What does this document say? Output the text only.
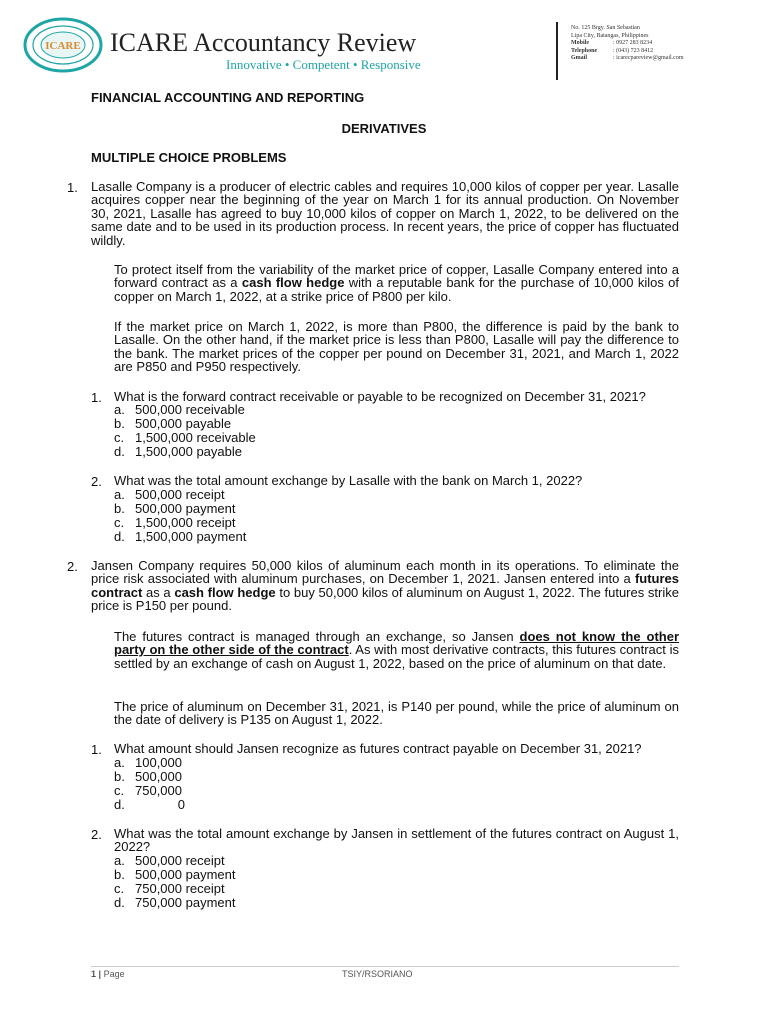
ICARE ICARE Accountancy Review
Innovative • Competent • Responsive
No. 125 Brgy. San Sebastian
Lipa City, Batangas, Philippines
Mobile	: 0927 283 8234
Telephone	: (043) 723 8412
Gmail	: icarecpareview@gmail.com
FINANCIAL ACCOUNTING AND REPORTING
DERIVATIVES
MULTIPLE CHOICE PROBLEMS
1. Lasalle Company is a producer of electric cables and requires 10,000 kilos of copper per year. Lasalle acquires copper near the beginning of the year on March 1 for its annual production. On November 30, 2021, Lasalle has agreed to buy 10,000 kilos of copper on March 1, 2022, to be delivered on the same date and to be used in its production process. In recent years, the price of copper has fluctuated wildly.
To protect itself from the variability of the market price of copper, Lasalle Company entered into a forward contract as a cash flow hedge with a reputable bank for the purchase of 10,000 kilos of copper on March 1, 2022, at a strike price of P800 per kilo.
If the market price on March 1, 2022, is more than P800, the difference is paid by the bank to Lasalle. On the other hand, if the market price is less than P800, Lasalle will pay the difference to the bank. The market prices of the copper per pound on December 31, 2021, and March 1, 2022 are P850 and P950 respectively.
1. What is the forward contract receivable or payable to be recognized on December 31, 2021?
a. 500,000 receivable
b. 500,000 payable
c. 1,500,000 receivable
d. 1,500,000 payable
2. What was the total amount exchange by Lasalle with the bank on March 1, 2022?
a. 500,000 receipt
b. 500,000 payment
c. 1,500,000 receipt
d. 1,500,000 payment
2. Jansen Company requires 50,000 kilos of aluminum each month in its operations. To eliminate the price risk associated with aluminum purchases, on December 1, 2021. Jansen entered into a futures contract as a cash flow hedge to buy 50,000 kilos of aluminum on August 1, 2022. The futures strike price is P150 per pound.
The futures contract is managed through an exchange, so Jansen does not know the other party on the other side of the contract. As with most derivative contracts, this futures contract is settled by an exchange of cash on August 1, 2022, based on the price of aluminum on that date.
The price of aluminum on December 31, 2021, is P140 per pound, while the price of aluminum on the date of delivery is P135 on August 1, 2022.
1. What amount should Jansen recognize as futures contract payable on December 31, 2021?
a. 100,000
b. 500,000
c. 750,000
d.	0
2. What was the total amount exchange by Jansen in settlement of the futures contract on August 1, 2022?
a. 500,000 receipt
b. 500,000 payment
c. 750,000 receipt
d. 750,000 payment
1 | Page	TSIY/RSORIANO
